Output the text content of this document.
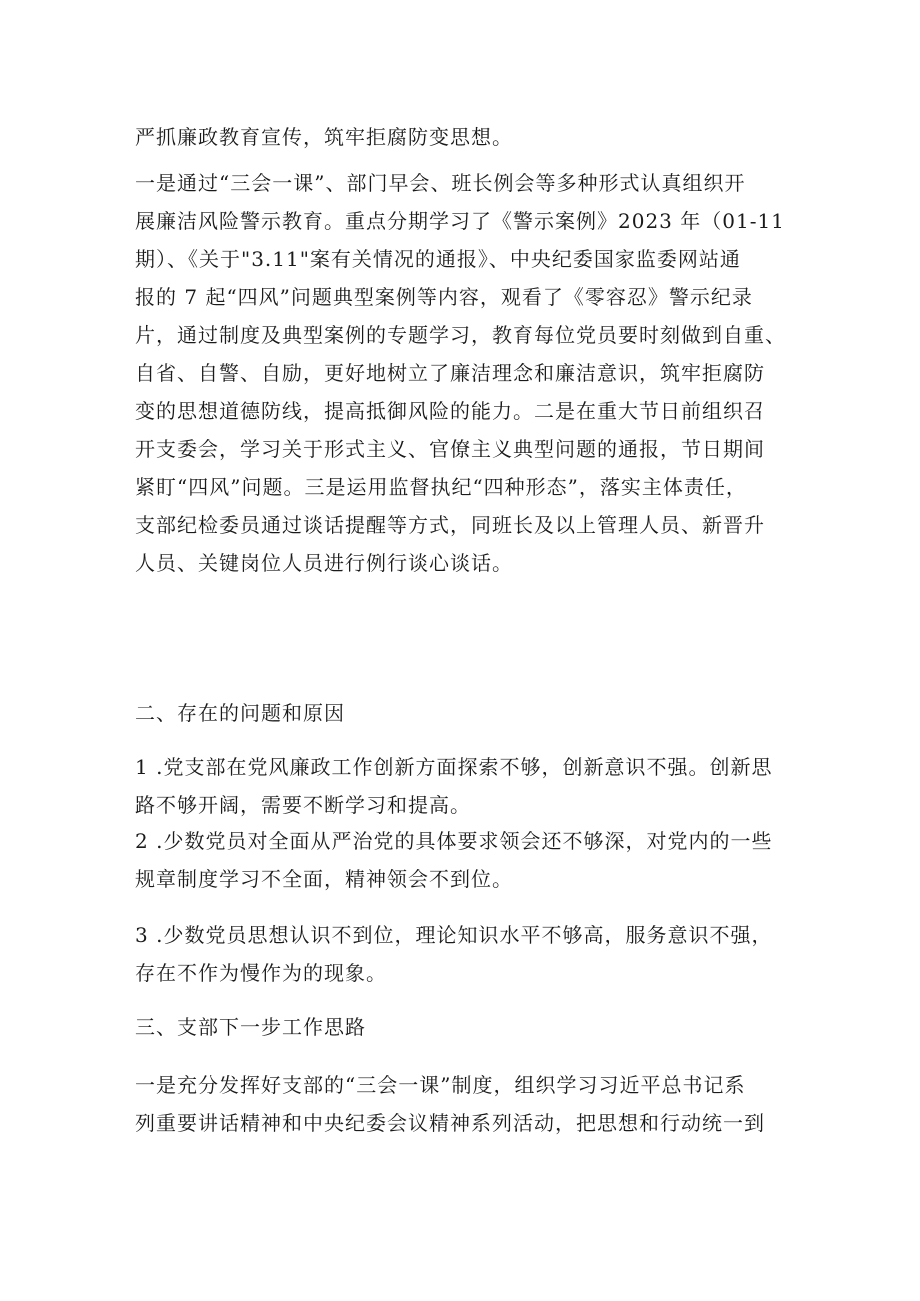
严抓廉政教育宣传，筑牢拒腐防变思想。
一是通过“三会一课”、部门早会、班长例会等多种形式认真组织开
展廉洁风险警示教育。重点分期学习了《警示案例》2023 年（01-11
期）、《关于"3.11"案有关情况的通报》、中央纪委国家监委网站通
报的 7 起“四风”问题典型案例等内容，观看了《零容忍》警示纪录
片，通过制度及典型案例的专题学习，教育每位党员要时刻做到自重、
自省、自警、自励，更好地树立了廉洁理念和廉洁意识，筑牢拒腐防
变的思想道德防线，提高抵御风险的能力。二是在重大节日前组织召
开支委会，学习关于形式主义、官僚主义典型问题的通报，节日期间
紧盯“四风”问题。三是运用监督执纪“四种形态”，落实主体责任，
支部纪检委员通过谈话提醒等方式，同班长及以上管理人员、新晋升
人员、关键岗位人员进行例行谈心谈话。
二、存在的问题和原因
1 .党支部在党风廉政工作创新方面探索不够，创新意识不强。创新思
路不够开阔，需要不断学习和提高。
2 .少数党员对全面从严治党的具体要求领会还不够深，对党内的一些
规章制度学习不全面，精神领会不到位。
3 .少数党员思想认识不到位，理论知识水平不够高，服务意识不强，
存在不作为慢作为的现象。
三、支部下一步工作思路
一是充分发挥好支部的“三会一课”制度，组织学习习近平总书记系
列重要讲话精神和中央纪委会议精神系列活动，把思想和行动统一到
